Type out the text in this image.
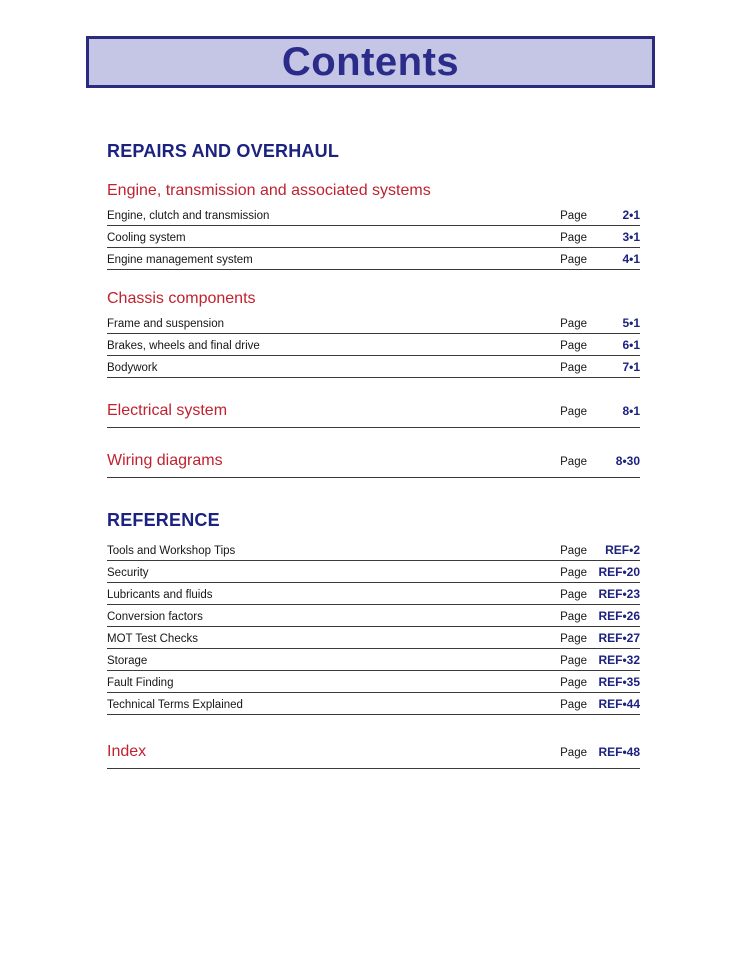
Contents
REPAIRS AND OVERHAUL
Engine, transmission and associated systems
Engine, clutch and transmission	Page	2•1
Cooling system	Page	3•1
Engine management system	Page	4•1
Chassis components
Frame and suspension	Page	5•1
Brakes, wheels and final drive	Page	6•1
Bodywork	Page	7•1
Electrical system	Page	8•1
Wiring diagrams	Page	8•30
REFERENCE
Tools and Workshop Tips	Page	REF•2
Security	Page REF•20
Lubricants and fluids	Page REF•23
Conversion factors	Page REF•26
MOT Test Checks	Page REF•27
Storage	Page REF•32
Fault Finding	Page REF•35
Technical Terms Explained	Page REF•44
Index	Page REF•48
